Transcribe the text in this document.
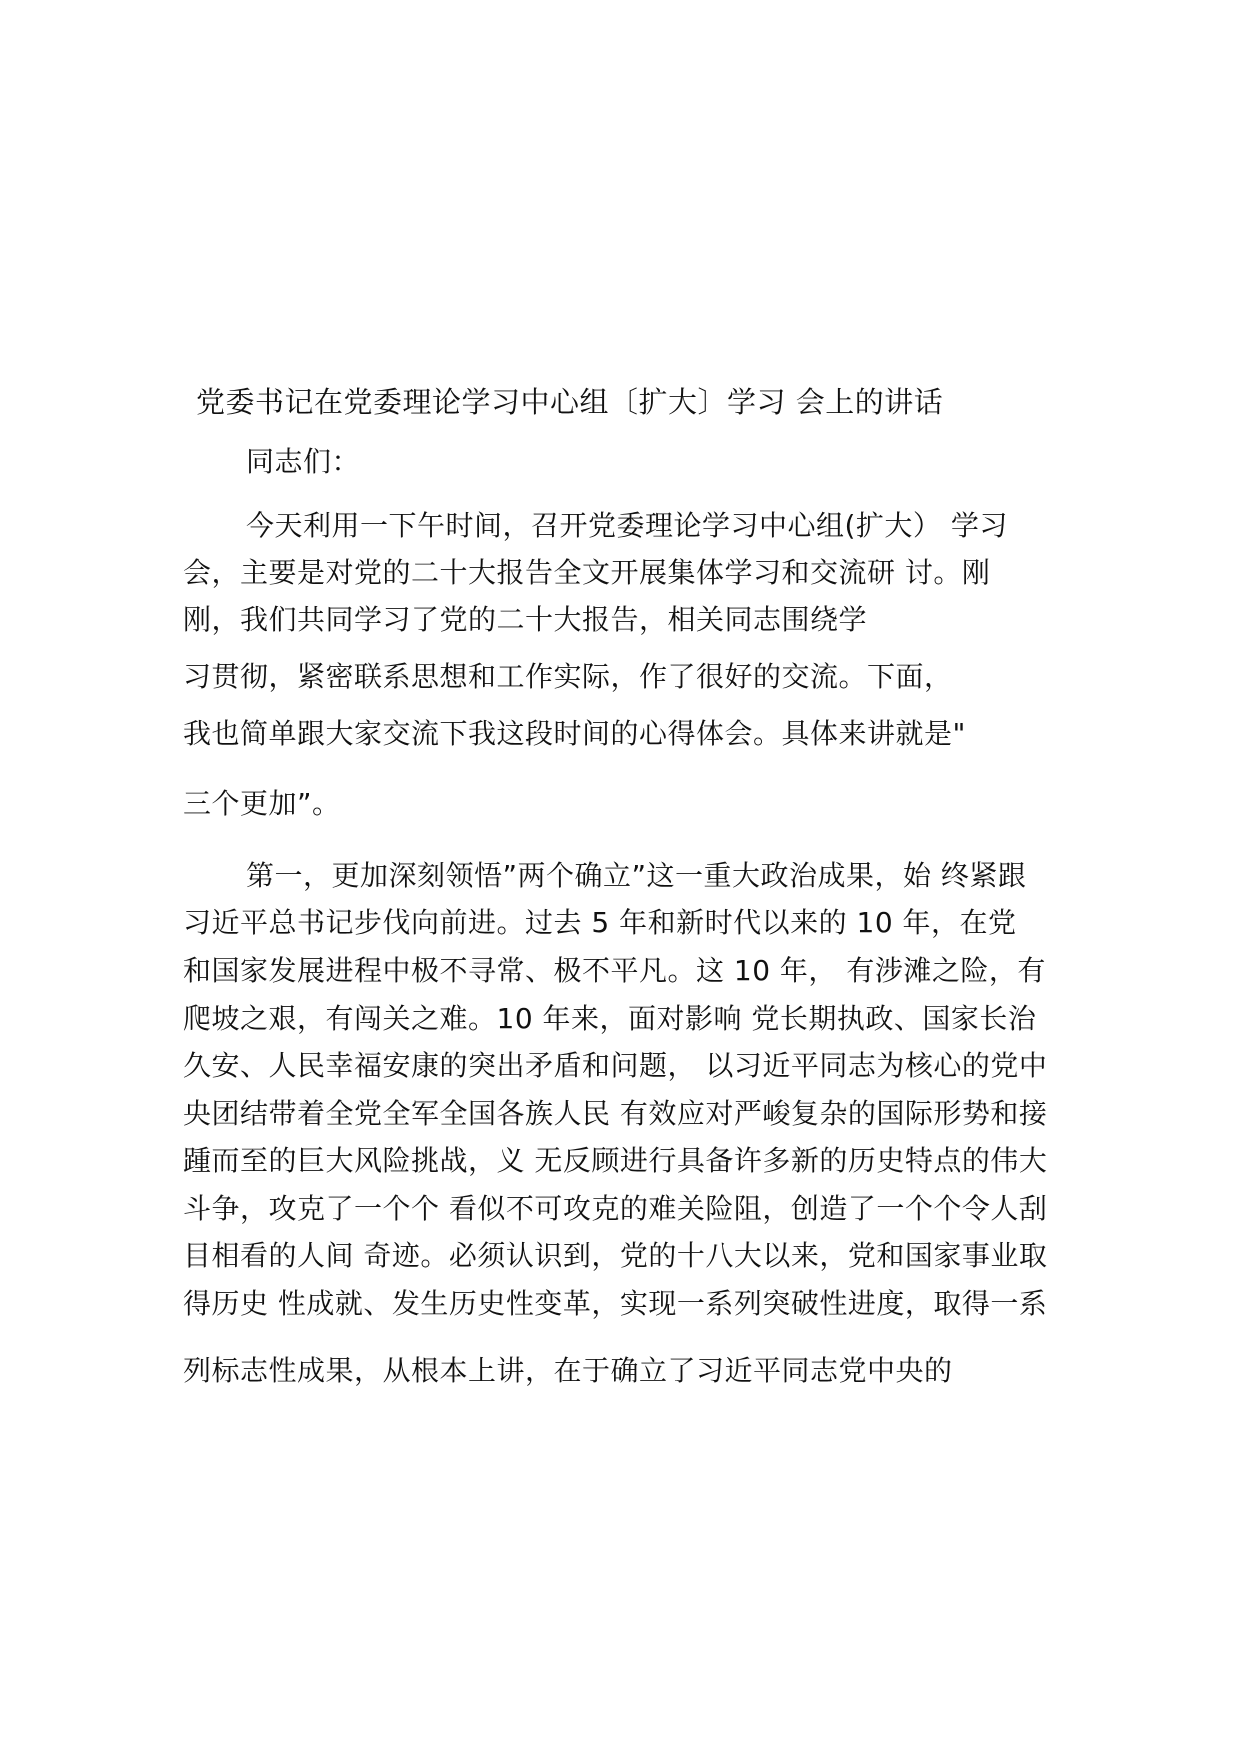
党委书记在党委理论学习中心组〔扩大〕学习 会上的讲话
同志们：
今天利用一下午时间，召开党委理论学习中心组(扩大） 学习
会，主要是对党的二十大报告全文开展集体学习和交流研 讨。刚
刚，我们共同学习了党的二十大报告，相关同志围绕学
习贯彻，紧密联系思想和工作实际，作了很好的交流。下面，
我也简单跟大家交流下我这段时间的心得体会。具体来讲就是"
三个更加”。
第一，更加深刻领悟”两个确立”这一重大政治成果，始 终紧跟
习近平总书记步伐向前进。过去 5 年和新时代以来的 10 年，在党
和国家发展进程中极不寻常、极不平凡。这 10 年， 有涉滩之险，有
爬坡之艰，有闯关之难。10 年来，面对影响 党长期执政、国家长治
久安、人民幸福安康的突出矛盾和问题， 以习近平同志为核心的党中
央团结带着全党全军全国各族人民 有效应对严峻复杂的国际形势和接
踵而至的巨大风险挑战，义 无反顾进行具备许多新的历史特点的伟大
斗争，攻克了一个个 看似不可攻克的难关险阻，创造了一个个令人刮
目相看的人间 奇迹。必须认识到，党的十八大以来，党和国家事业取
得历史 性成就、发生历史性变革，实现一系列突破性进度，取得一系
列标志性成果，从根本上讲，在于确立了习近平同志党中央的
